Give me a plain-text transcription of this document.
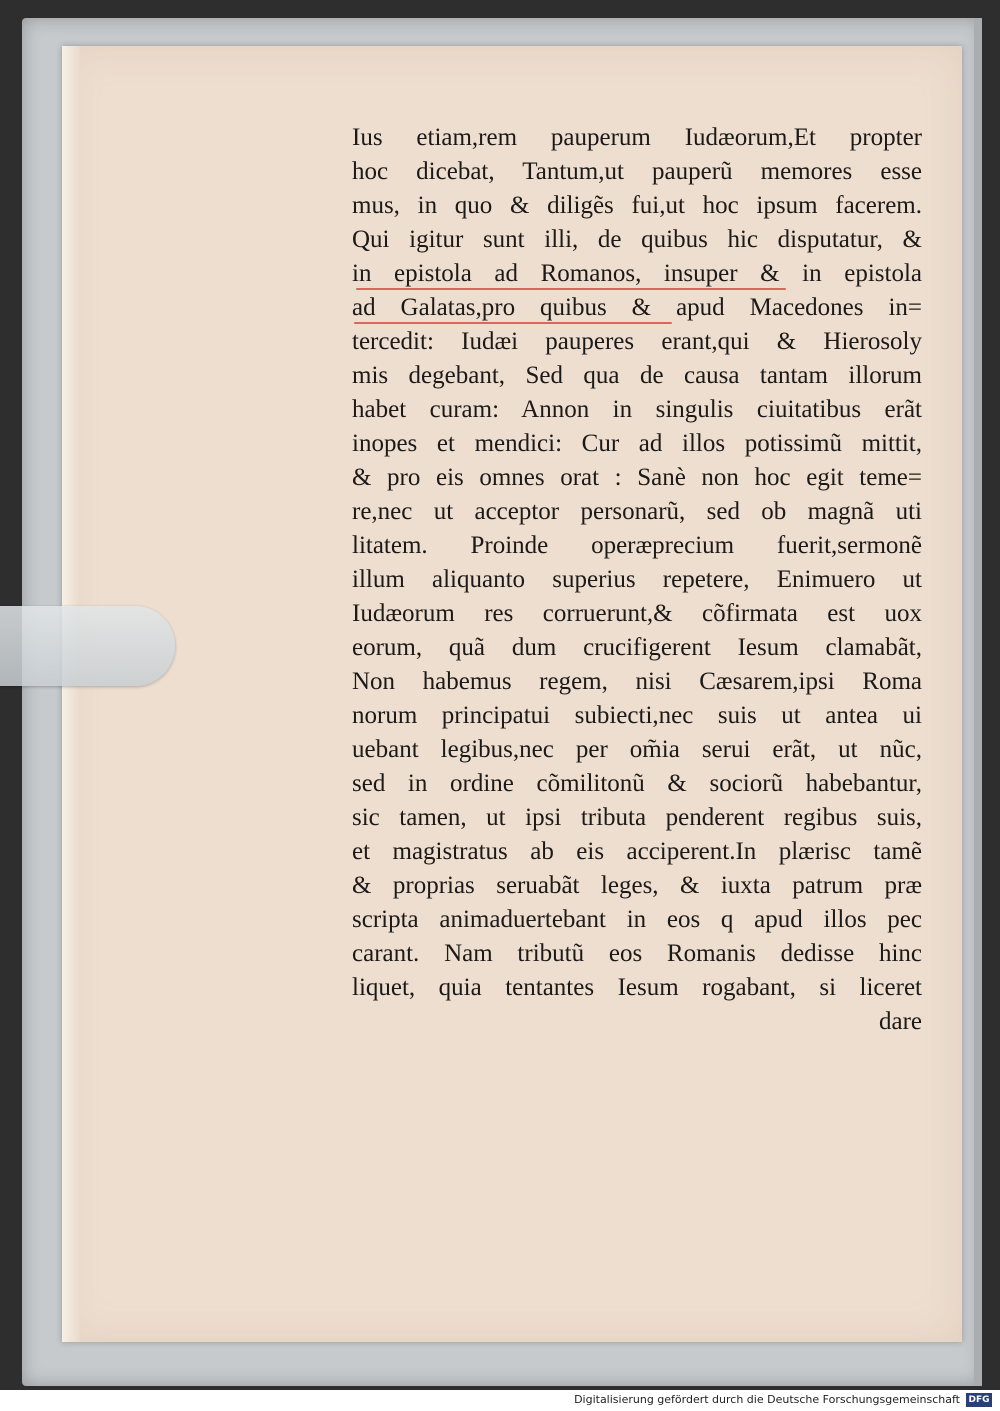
Ius etiam,rem pauperum Iudæorum,Et propter
hoc dicebat, Tantum,ut pauperũ memores esse
mus, in quo & diligẽs fui,ut hoc ipsum facerem.
Qui igitur sunt illi, de quibus hic disputatur, &
in epistola ad Romanos, insuper & in epistola
ad Galatas,pro quibus & apud Macedones in=
tercedit: Iudæi pauperes erant,qui & Hierosoly
mis degebant, Sed qua de causa tantam illorum
habet curam: Annon in singulis ciuitatibus erãt
inopes et mendici: Cur ad illos potissimũ mittit,
& pro eis omnes orat : Sanè non hoc egit teme=
re,nec ut acceptor personarũ, sed ob magnã uti
litatem. Proinde operæprecium fuerit,sermonẽ
illum aliquanto superius repetere, Enimuero ut
Iudæorum res corruerunt,& cõfirmata est uox
eorum, quã dum crucifigerent Iesum clamabãt,
Non habemus regem, nisi Cæsarem,ipsi Roma
norum principatui subiecti,nec suis ut antea ui
uebant legibus,nec per om̃ia serui erãt, ut nũc,
sed in ordine cõmilitonũ & sociorũ habebantur,
sic tamen, ut ipsi tributa penderent regibus suis,
et magistratus ab eis acciperent.In plærisc tamẽ
& proprias seruabãt leges, & iuxta patrum præ
scripta animaduertebant in eos q apud illos pec
carant. Nam tributũ eos Romanis dedisse hinc
liquet, quia tentantes Iesum rogabant, si liceret
dare
Digitalisierung gefördert durch die Deutsche Forschungsgemeinschaft DFG
